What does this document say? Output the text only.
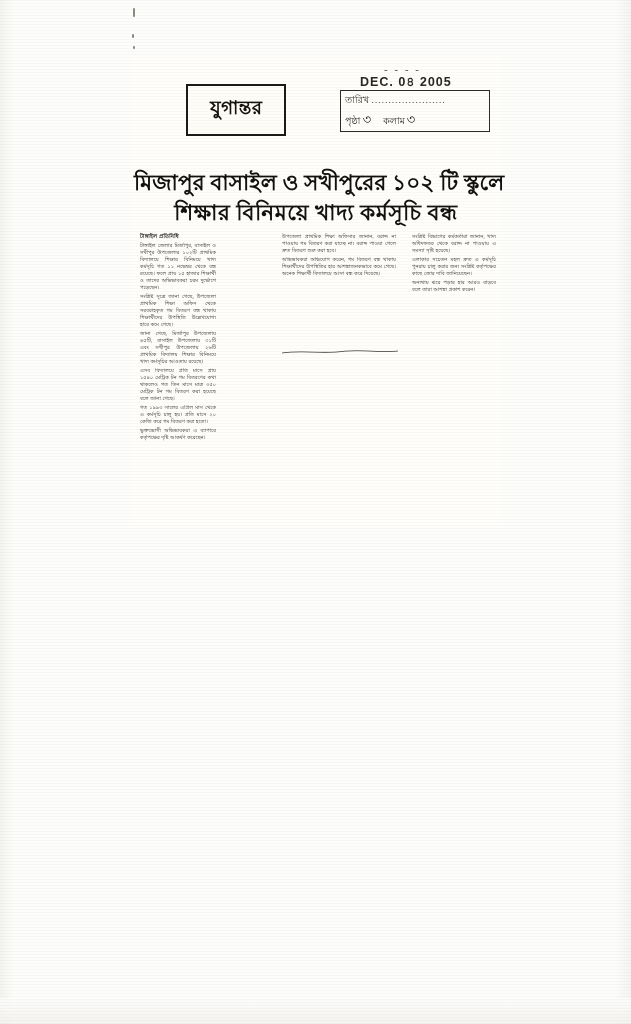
যুগান্তর
- - - -
DEC. 0৪ 2005
তারিখ ......................
পৃষ্ঠা ৩ কলাম ৩
মিজাপুর বাসাইল ও সখীপুরের ১০২ টি স্কুলে
শিক্ষার বিনিময়ে খাদ্য কর্মসূচি বন্ধ
টাঙ্গাইল প্রতিনিধি

টাঙ্গাইল জেলার মির্জাপুর, বাসাইল ও সখীপুর উপজেলার ১০২টি প্রাথমিক বিদ্যালয়ে শিক্ষার বিনিময়ে খাদ্য কর্মসূচি গত ১১ নভেম্বর থেকে বন্ধ রয়েছে। ফলে প্রায় ১৫ হাজার শিক্ষার্থী ও তাদের অভিভাবকরা চরম দুর্ভোগে পড়েছেন।

সংশ্লিষ্ট সূত্রে জানা গেছে, উপজেলা প্রাথমিক শিক্ষা অফিস থেকে সরবরাহকৃত গম বিতরণ বন্ধ থাকায় শিক্ষার্থীদের উপস্থিতি উল্লেখযোগ্য হারে কমে গেছে।

জানা গেছে, মির্জাপুর উপজেলায় ৪৫টি, বাসাইল উপজেলায় ৩১টি এবং সখীপুর উপজেলায় ২৬টি প্রাথমিক বিদ্যালয় শিক্ষার বিনিময়ে খাদ্য কর্মসূচির আওতায় রয়েছে।

এসব বিদ্যালয়ে প্রতি মাসে প্রায় ১৫৪০ মেট্রিক টন গম বিতরণের কথা থাকলেও গত তিন মাসে মাত্র ৩৫০ মেট্রিক টন গম বিতরণ করা হয়েছে বলে জানা গেছে।

গত ১৯৯৩ সালের এপ্রিল মাস থেকে এ কর্মসূচি চালু হয়। প্রতি মাসে ২০ কেজি করে গম বিতরণ করা হতো।

ভুক্তভোগী অভিভাবকরা এ ব্যাপারে কর্তৃপক্ষের দৃষ্টি আকর্ষণ করেছেন।

উপজেলা প্রাথমিক শিক্ষা অফিসার জানান, বরাদ্দ না পাওয়ায় গম বিতরণ করা যাচ্ছে না। বরাদ্দ পাওয়া গেলে দ্রুত বিতরণ শুরু করা হবে।

অভিভাবকরা অভিযোগ করেন, গম বিতরণ বন্ধ থাকায় শিক্ষার্থীদের উপস্থিতির হার আশঙ্কাজনকভাবে কমে গেছে। অনেক শিক্ষার্থী বিদ্যালয়ে আসা বন্ধ করে দিয়েছে।

সংশ্লিষ্ট বিভাগের কর্মকর্তারা জানান, খাদ্য অধিদফতর থেকে বরাদ্দ না পাওয়ায় এ সমস্যা সৃষ্টি হয়েছে।

এলাকার সচেতন মহল দ্রুত এ কর্মসূচি পুনরায় চালু করার জন্য সংশ্লিষ্ট কর্তৃপক্ষের কাছে জোর দাবি জানিয়েছেন।

অন্যথায় ঝরে পড়ার হার আরও বাড়বে বলে তারা আশঙ্কা প্রকাশ করেন।
